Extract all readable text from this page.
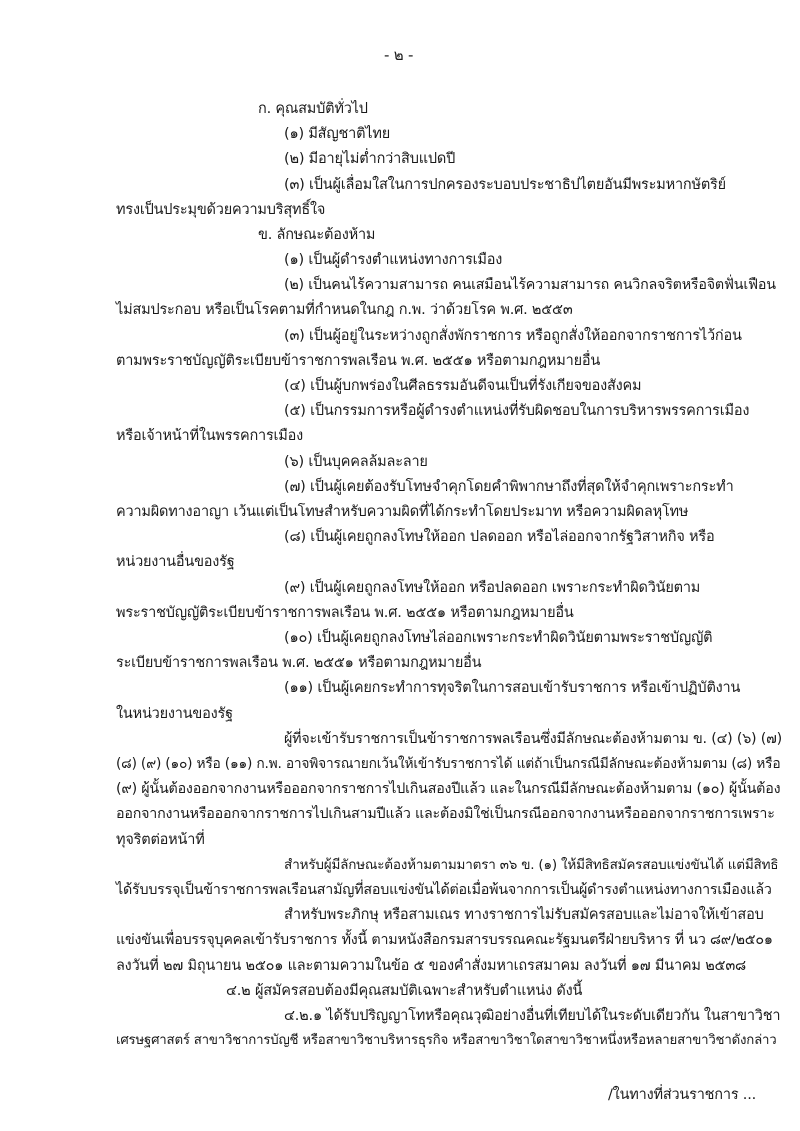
- ๒ -
ก. คุณสมบัติทั่วไป
(๑) มีสัญชาติไทย
(๒) มีอายุไม่ต่ำกว่าสิบแปดปี
(๓) เป็นผู้เลื่อมใสในการปกครองระบอบประชาธิปไตยอันมีพระมหากษัตริย์
ทรงเป็นประมุขด้วยความบริสุทธิ์ใจ
ข. ลักษณะต้องห้าม
(๑) เป็นผู้ดำรงตำแหน่งทางการเมือง
(๒) เป็นคนไร้ความสามารถ คนเสมือนไร้ความสามารถ คนวิกลจริตหรือจิตฟั่นเฟือน
ไม่สมประกอบ หรือเป็นโรคตามที่กำหนดในกฎ ก.พ. ว่าด้วยโรค พ.ศ. ๒๕๕๓
(๓) เป็นผู้อยู่ในระหว่างถูกสั่งพักราชการ หรือถูกสั่งให้ออกจากราชการไว้ก่อน
ตามพระราชบัญญัติระเบียบข้าราชการพลเรือน พ.ศ. ๒๕๕๑ หรือตามกฎหมายอื่น
(๔) เป็นผู้บกพร่องในศีลธรรมอันดีจนเป็นที่รังเกียจของสังคม
(๕) เป็นกรรมการหรือผู้ดำรงตำแหน่งที่รับผิดชอบในการบริหารพรรคการเมือง
หรือเจ้าหน้าที่ในพรรคการเมือง
(๖) เป็นบุคคลล้มละลาย
(๗) เป็นผู้เคยต้องรับโทษจำคุกโดยคำพิพากษาถึงที่สุดให้จำคุกเพราะกระทำ
ความผิดทางอาญา เว้นแต่เป็นโทษสำหรับความผิดที่ได้กระทำโดยประมาท หรือความผิดลหุโทษ
(๘) เป็นผู้เคยถูกลงโทษให้ออก ปลดออก หรือไล่ออกจากรัฐวิสาหกิจ หรือ
หน่วยงานอื่นของรัฐ
(๙) เป็นผู้เคยถูกลงโทษให้ออก หรือปลดออก เพราะกระทำผิดวินัยตาม
พระราชบัญญัติระเบียบข้าราชการพลเรือน พ.ศ. ๒๕๕๑ หรือตามกฎหมายอื่น
(๑๐) เป็นผู้เคยถูกลงโทษไล่ออกเพราะกระทำผิดวินัยตามพระราชบัญญัติ
ระเบียบข้าราชการพลเรือน พ.ศ. ๒๕๕๑ หรือตามกฎหมายอื่น
(๑๑) เป็นผู้เคยกระทำการทุจริตในการสอบเข้ารับราชการ หรือเข้าปฏิบัติงาน
ในหน่วยงานของรัฐ
ผู้ที่จะเข้ารับราชการเป็นข้าราชการพลเรือนซึ่งมีลักษณะต้องห้ามตาม ข. (๔) (๖) (๗)
(๘) (๙) (๑๐) หรือ (๑๑) ก.พ. อาจพิจารณายกเว้นให้เข้ารับราชการได้ แต่ถ้าเป็นกรณีมีลักษณะต้องห้ามตาม (๘) หรือ
(๙) ผู้นั้นต้องออกจากงานหรือออกจากราชการไปเกินสองปีแล้ว และในกรณีมีลักษณะต้องห้ามตาม (๑๐) ผู้นั้นต้อง
ออกจากงานหรือออกจากราชการไปเกินสามปีแล้ว และต้องมิใช่เป็นกรณีออกจากงานหรือออกจากราชการเพราะ
ทุจริตต่อหน้าที่
สำหรับผู้มีลักษณะต้องห้ามตามมาตรา ๓๖ ข. (๑) ให้มีสิทธิสมัครสอบแข่งขันได้ แต่มีสิทธิ
ได้รับบรรจุเป็นข้าราชการพลเรือนสามัญที่สอบแข่งขันได้ต่อเมื่อพ้นจากการเป็นผู้ดำรงตำแหน่งทางการเมืองแล้ว
สำหรับพระภิกษุ หรือสามเณร ทางราชการไม่รับสมัครสอบและไม่อาจให้เข้าสอบ
แข่งขันเพื่อบรรจุบุคคลเข้ารับราชการ ทั้งนี้ ตามหนังสือกรมสารบรรณคณะรัฐมนตรีฝ่ายบริหาร ที่ นว ๘๙/๒๕๐๑
ลงวันที่ ๒๗ มิถุนายน ๒๕๐๑ และตามความในข้อ ๕ ของคำสั่งมหาเถรสมาคม ลงวันที่ ๑๗ มีนาคม ๒๕๓๘
๔.๒ ผู้สมัครสอบต้องมีคุณสมบัติเฉพาะสำหรับตำแหน่ง ดังนี้
๔.๒.๑ ได้รับปริญญาโทหรือคุณวุฒิอย่างอื่นที่เทียบได้ในระดับเดียวกัน ในสาขาวิชา
เศรษฐศาสตร์ สาขาวิชาการบัญชี หรือสาขาวิชาบริหารธุรกิจ หรือสาขาวิชาใดสาขาวิชาหนึ่งหรือหลายสาขาวิชาดังกล่าว
/ในทางที่ส่วนราชการ ...
